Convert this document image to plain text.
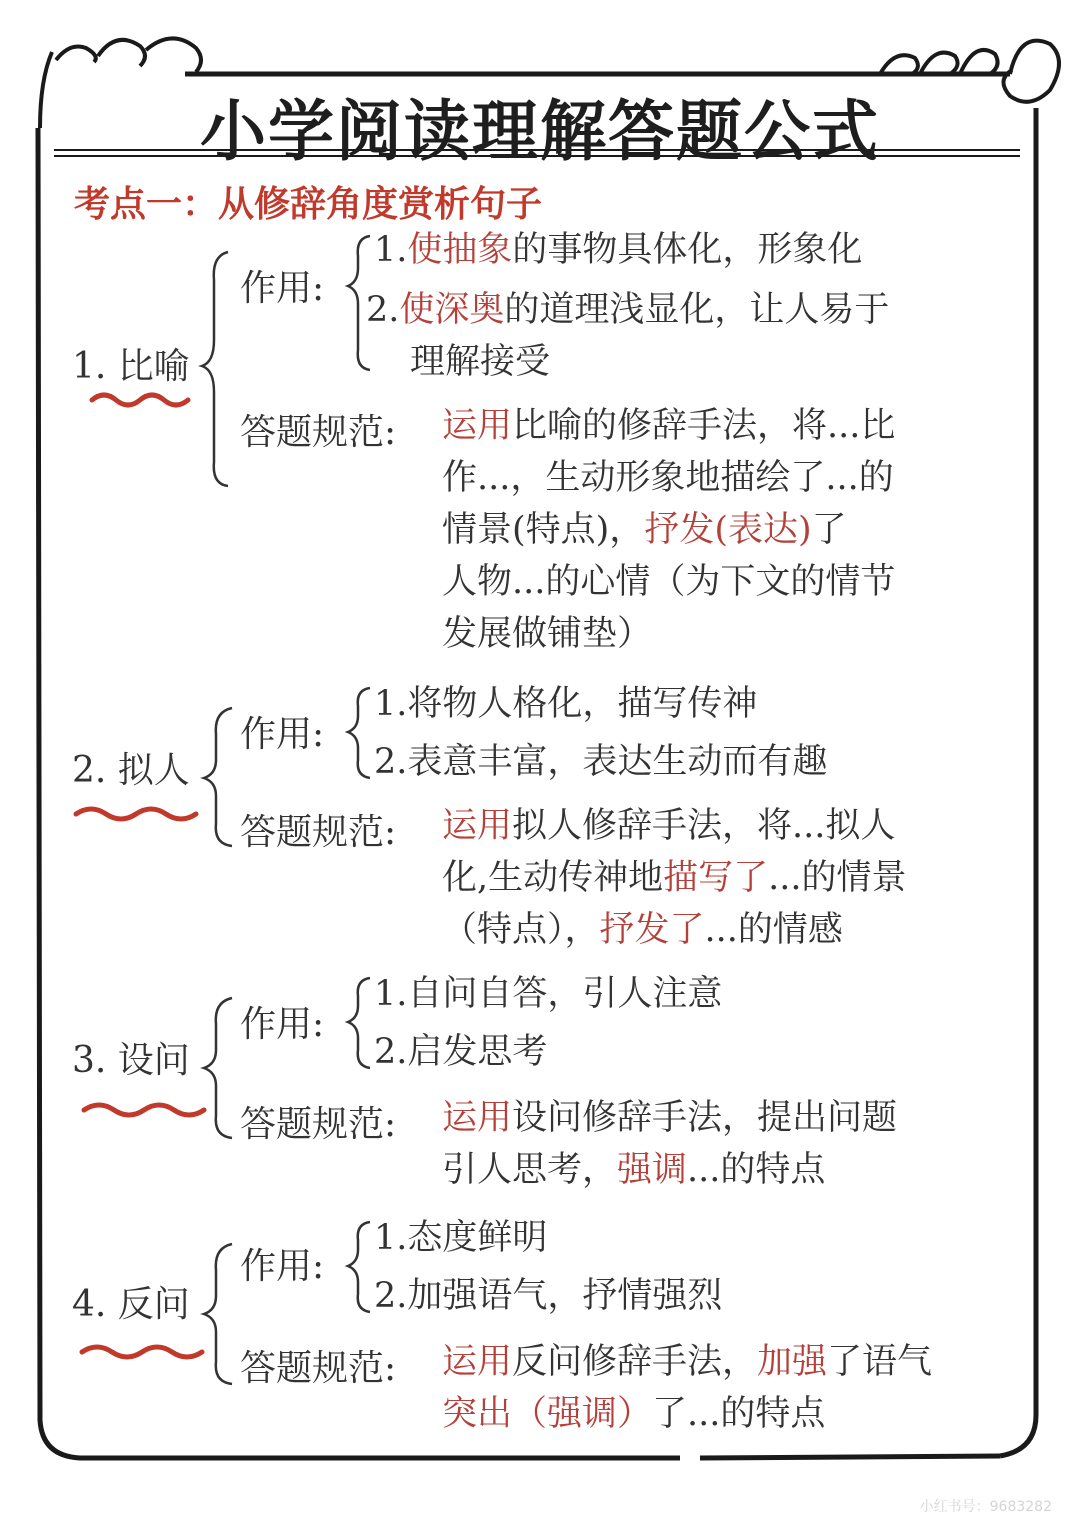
小学阅读理解答题公式
考点一：从修辞角度赏析句子
1. 比喻
作用:
1.使抽象的事物具体化，形象化
2.使深奥的道理浅显化，让人易于
理解接受
答题规范: 运用比喻的修辞手法，将...比
作...，生动形象地描绘了...的
情景(特点)，抒发(表达)了
人物...的心情（为下文的情节
发展做铺垫）
2. 拟人
作用:
1.将物人格化，描写传神
2.表意丰富，表达生动而有趣
答题规范: 运用拟人修辞手法，将...拟人
化,生动传神地描写了...的情景
（特点），抒发了...的情感
3. 设问
作用:
1.自问自答，引人注意
2.启发思考
答题规范: 运用设问修辞手法，提出问题
引人思考，强调...的特点
4. 反问
作用:
1.态度鲜明
2.加强语气，抒情强烈
答题规范: 运用反问修辞手法，加强了语气
突出（强调）了...的特点
小红书号：9683282
